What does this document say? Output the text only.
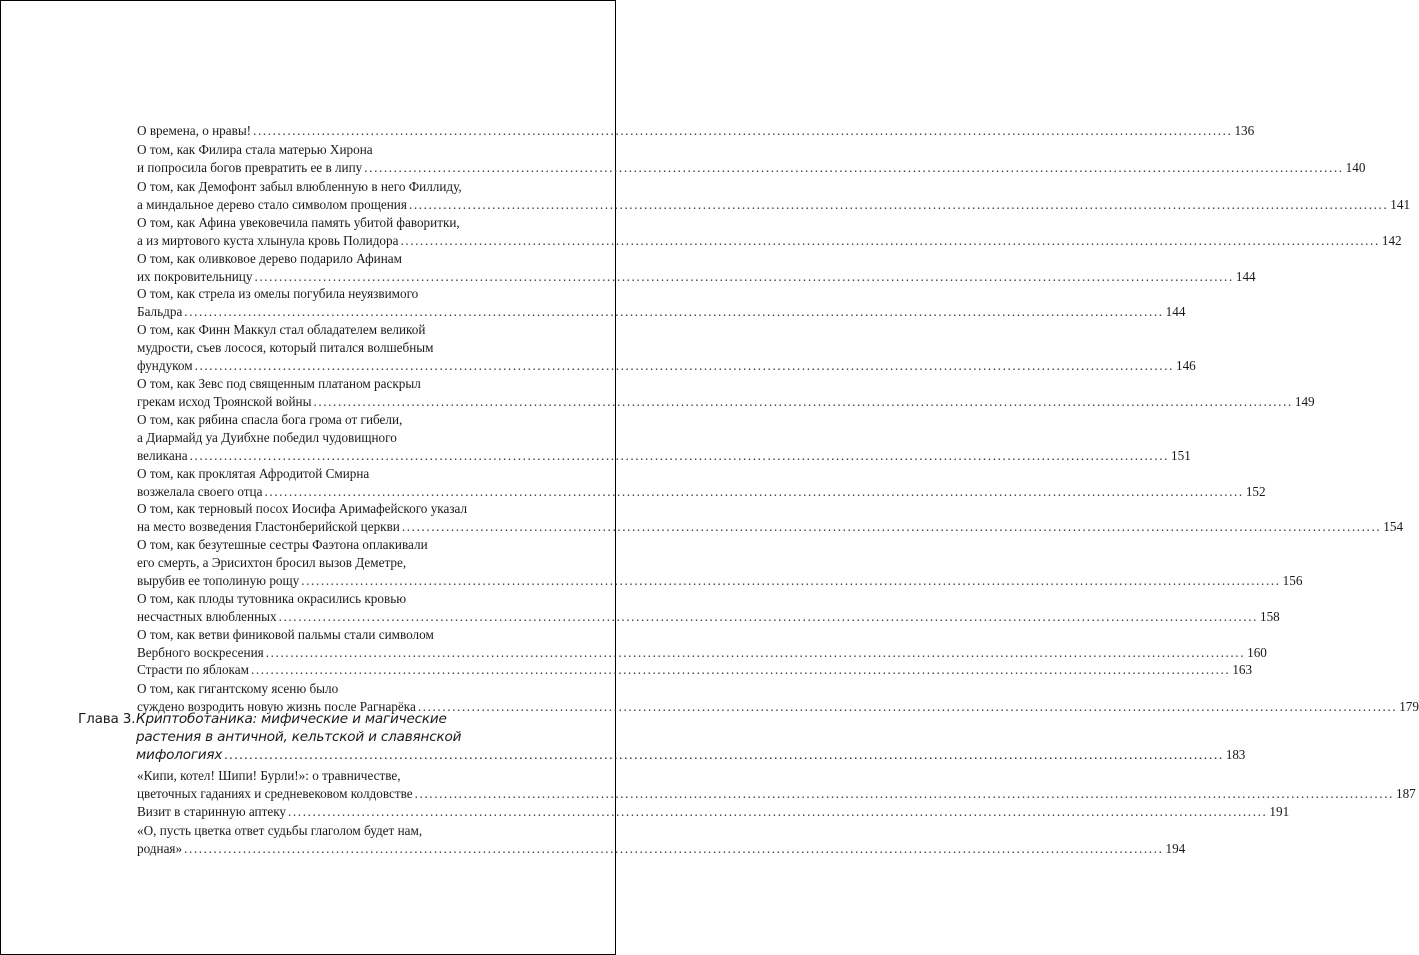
О времена, о нравы! ........................................................................................................................................................................................................ 136
О том, как Филира стала матерью Хирона
и попросила богов превратить ее в липу ........................................................................................................................................................................................................ 140
О том, как Демофонт забыл влюбленную в него Филлиду,
а миндальное дерево стало символом прощения ........................................................................................................................................................................................................ 141
О том, как Афина увековечила память убитой фаворитки,
а из миртового куста хлынула кровь Полидора ........................................................................................................................................................................................................ 142
О том, как оливковое дерево подарило Афинам
их покровительницу ........................................................................................................................................................................................................ 144
О том, как стрела из омелы погубила неуязвимого
Бальдра ........................................................................................................................................................................................................ 144
О том, как Финн Маккул стал обладателем великой
мудрости, съев лосося, который питался волшебным
фундуком ........................................................................................................................................................................................................ 146
О том, как Зевс под священным платаном раскрыл
грекам исход Троянской войны ........................................................................................................................................................................................................ 149
О том, как рябина спасла бога грома от гибели,
а Диармайд уа Дуибхне победил чудовищного
великана ........................................................................................................................................................................................................ 151
О том, как проклятая Афродитой Смирна
возжелала своего отца ........................................................................................................................................................................................................ 152
О том, как терновый посох Иосифа Аримафейского указал
на место возведения Гластонберийской церкви ........................................................................................................................................................................................................ 154
О том, как безутешные сестры Фаэтона оплакивали
его смерть, а Эрисихтон бросил вызов Деметре,
вырубив ее тополиную рощу ........................................................................................................................................................................................................ 156
О том, как плоды тутовника окрасились кровью
несчастных влюбленных ........................................................................................................................................................................................................ 158
О том, как ветви финиковой пальмы стали символом
Вербного воскресения ........................................................................................................................................................................................................ 160
Страсти по яблокам ........................................................................................................................................................................................................ 163
О том, как гигантскому ясеню было
суждено возродить новую жизнь после Рагнарёка ........................................................................................................................................................................................................ 179
Глава 3. Криптоботаника: мифические и магические
растения в античной, кельтской и славянской
мифологиях ........................................................................................................................................................................................................ 183
«Кипи, котел! Шипи! Бурли!»: о травничестве,
цветочных гаданиях и средневековом колдовстве ........................................................................................................................................................................................................ 187
Визит в старинную аптеку ........................................................................................................................................................................................................ 191
«О, пусть цветка ответ судьбы глаголом будет нам,
родная» ........................................................................................................................................................................................................ 194
